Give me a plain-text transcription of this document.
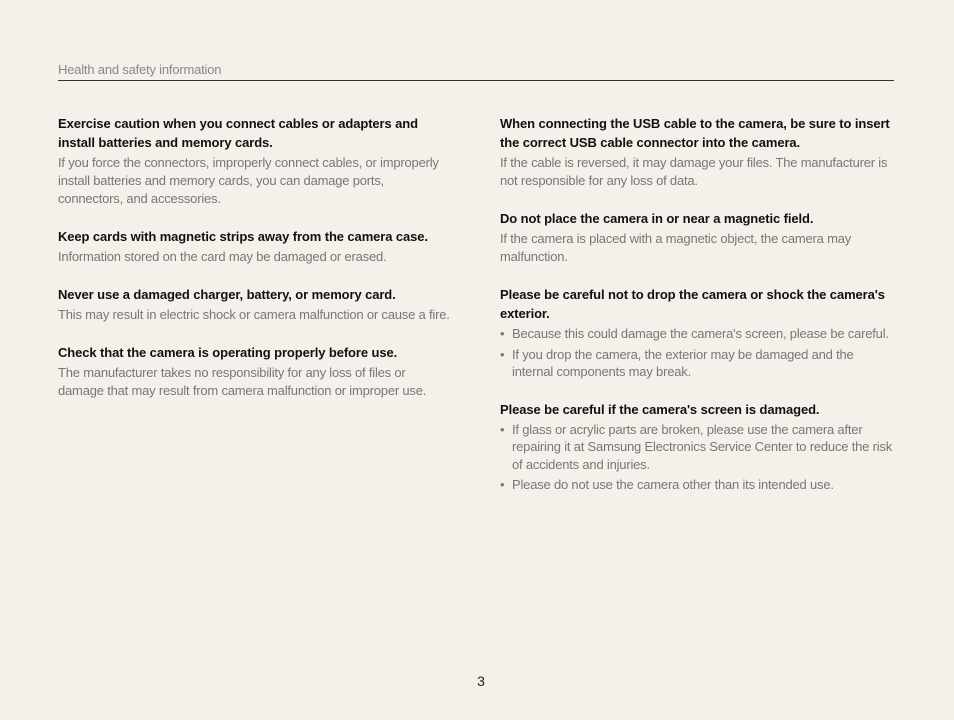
Health and safety information

Exercise caution when you connect cables or adapters and install batteries and memory cards.

If you force the connectors, improperly connect cables, or improperly install batteries and memory cards, you can damage ports, connectors, and accessories.

Keep cards with magnetic strips away from the camera case.

Information stored on the card may be damaged or erased.

Never use a damaged charger, battery, or memory card.

This may result in electric shock or camera malfunction or cause a fire.

Check that the camera is operating properly before use.

The manufacturer takes no responsibility for any loss of files or damage that may result from camera malfunction or improper use.

When connecting the USB cable to the camera, be sure to insert the correct USB cable connector into the camera.

If the cable is reversed, it may damage your files. The manufacturer is not responsible for any loss of data.

Do not place the camera in or near a magnetic field.

If the camera is placed with a magnetic object, the camera may malfunction.

Please be careful not to drop the camera or shock the camera's exterior.

• Because this could damage the camera's screen, please be careful.
• If you drop the camera, the exterior may be damaged and the internal components may break.

Please be careful if the camera's screen is damaged.

• If glass or acrylic parts are broken, please use the camera after repairing it at Samsung Electronics Service Center to reduce the risk of accidents and injuries.
• Please do not use the camera other than its intended use.
3
